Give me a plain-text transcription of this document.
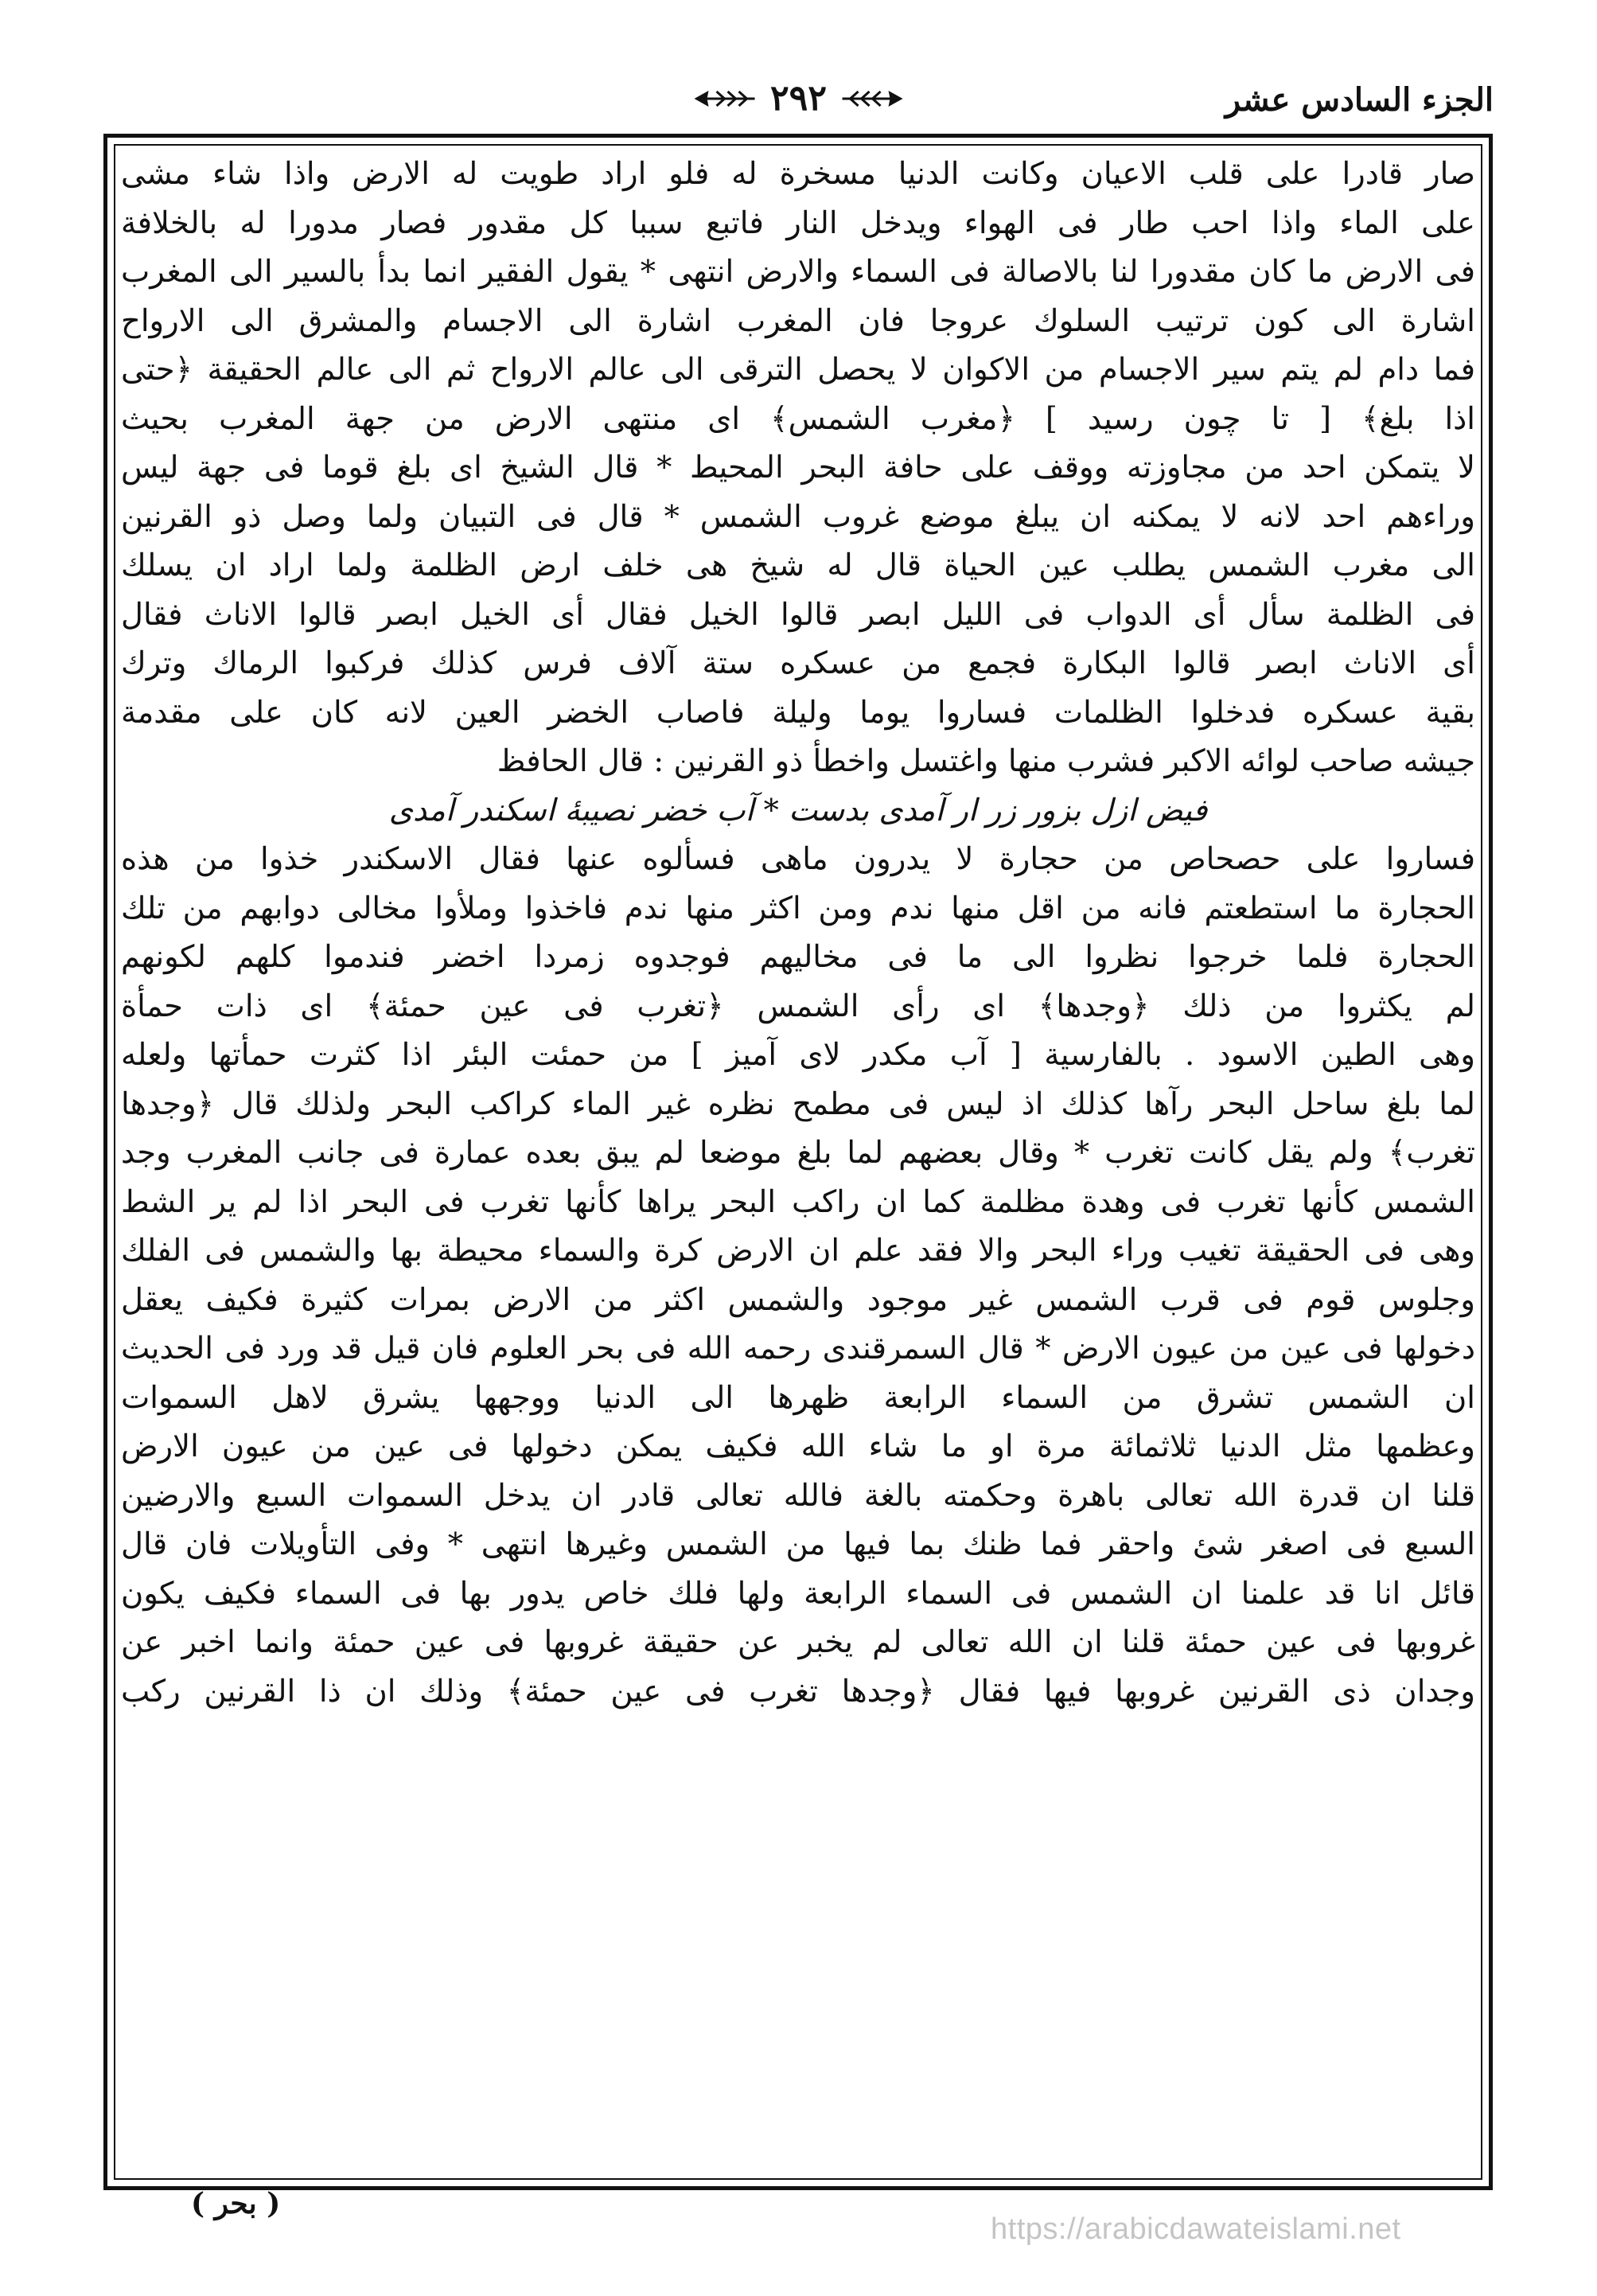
الجزء السادس عشر
۲۹۲
صار قادرا على قلب الاعيان وكانت الدنيا مسخرة له فلو اراد طويت له الارض واذا شاء مشى
على الماء واذا احب طار فى الهواء ويدخل النار فاتبع سببا كل مقدور فصار مدورا له بالخلافة
فى الارض ما كان مقدورا لنا بالاصالة فى السماء والارض انتهى * يقول الفقير انما بدأ بالسير الى المغرب
اشارة الى كون ترتيب السلوك عروجا فان المغرب اشارة الى الاجسام والمشرق الى الارواح
فما دام لم يتم سير الاجسام من الاكوان لا يحصل الترقى الى عالم الارواح ثم الى عالم الحقيقة ﴿حتى
اذا بلغ﴾ [ تا چون رسيد ] ﴿مغرب الشمس﴾ اى منتهى الارض من جهة المغرب بحيث
لا يتمكن احد من مجاوزته ووقف على حافة البحر المحيط * قال الشيخ اى بلغ قوما فى جهة ليس
وراءهم احد لانه لا يمكنه ان يبلغ موضع غروب الشمس * قال فى التبيان ولما وصل ذو القرنين
الى مغرب الشمس يطلب عين الحياة قال له شيخ هى خلف ارض الظلمة ولما اراد ان يسلك
فى الظلمة سأل أى الدواب فى الليل ابصر قالوا الخيل فقال أى الخيل ابصر قالوا الاناث فقال
أى الاناث ابصر قالوا البكارة فجمع من عسكره ستة آلاف فرس كذلك فركبوا الرماك وترك
بقية عسكره فدخلوا الظلمات فساروا يوما وليلة فاصاب الخضر العين لانه كان على مقدمة
جيشه صاحب لوائه الاكبر فشرب منها واغتسل واخطأ ذو القرنين : قال الحافظ
فيض ازل بزور زر ار آمدى بدست * آب خضر نصيبهٔ اسكندر آمدى
فساروا على حصحاص من حجارة لا يدرون ماهى فسألوه عنها فقال الاسكندر خذوا من هذه
الحجارة ما استطعتم فانه من اقل منها ندم ومن اكثر منها ندم فاخذوا وملأوا مخالى دوابهم من تلك
الحجارة فلما خرجوا نظروا الى ما فى مخاليهم فوجدوه زمردا اخضر فندموا كلهم لكونهم
لم يكثروا من ذلك ﴿وجدها﴾ اى رأى الشمس ﴿تغرب فى عين حمئة﴾ اى ذات حمأة
وهى الطين الاسود . بالفارسية [ آب مكدر لاى آميز ] من حمئت البئر اذا كثرت حمأتها ولعله
لما بلغ ساحل البحر رآها كذلك اذ ليس فى مطمح نظره غير الماء كراكب البحر ولذلك قال ﴿وجدها
تغرب﴾ ولم يقل كانت تغرب * وقال بعضهم لما بلغ موضعا لم يبق بعده عمارة فى جانب المغرب وجد
الشمس كأنها تغرب فى وهدة مظلمة كما ان راكب البحر يراها كأنها تغرب فى البحر اذا لم ير الشط
وهى فى الحقيقة تغيب وراء البحر والا فقد علم ان الارض كرة والسماء محيطة بها والشمس فى الفلك
وجلوس قوم فى قرب الشمس غير موجود والشمس اكثر من الارض بمرات كثيرة فكيف يعقل
دخولها فى عين من عيون الارض * قال السمرقندى رحمه الله فى بحر العلوم فان قيل قد ورد فى الحديث
ان الشمس تشرق من السماء الرابعة ظهرها الى الدنيا ووجهها يشرق لاهل السموات
وعظمها مثل الدنيا ثلاثمائة مرة او ما شاء الله فكيف يمكن دخولها فى عين من عيون الارض
قلنا ان قدرة الله تعالى باهرة وحكمته بالغة فالله تعالى قادر ان يدخل السموات السبع والارضين
السبع فى اصغر شئ واحقر فما ظنك بما فيها من الشمس وغيرها انتهى * وفى التأويلات فان قال
قائل انا قد علمنا ان الشمس فى السماء الرابعة ولها فلك خاص يدور بها فى السماء فكيف يكون
غروبها فى عين حمئة قلنا ان الله تعالى لم يخبر عن حقيقة غروبها فى عين حمئة وانما اخبر عن
وجدان ذى القرنين غروبها فيها فقال ﴿وجدها تغرب فى عين حمئة﴾ وذلك ان ذا القرنين ركب
( بحر )
https://arabicdawateislami.net
